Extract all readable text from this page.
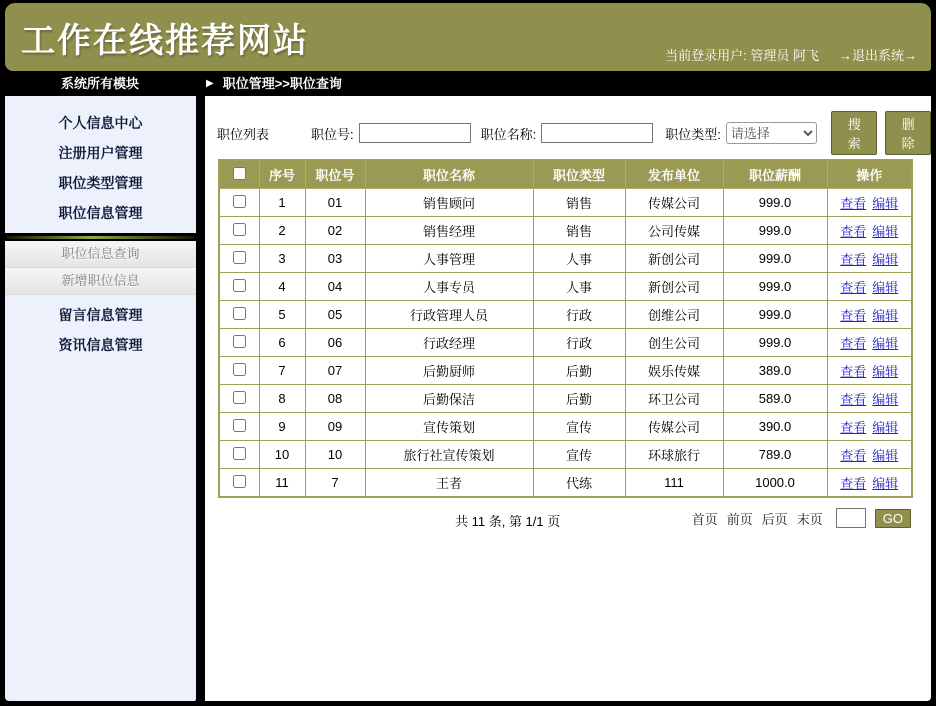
工作在线推荐网站	当前登录用户: 管理员 阿飞 →退出系统→
系统所有模块	▶ 职位管理>>职位查询
个人信息中心
注册用户管理
职位类型管理
职位信息管理
职位信息查询
新增职位信息
留言信息管理
资讯信息管理
职位列表	职位号:	职位名称:	职位类型:
请选择
搜索
删除
	序号	职位号	职位名称	职位类型	发布单位	职位薪酬	操作
	1	01	销售顾问	销售	传媒公司	999.0	查看 编辑
	2	02	销售经理	销售	公司传媒	999.0	查看 编辑
	3	03	人事管理	人事	新创公司	999.0	查看 编辑
	4	04	人事专员	人事	新创公司	999.0	查看 编辑
	5	05	行政管理人员	行政	创维公司	999.0	查看 编辑
	6	06	行政经理	行政	创生公司	999.0	查看 编辑
	7	07	后勤厨师	后勤	娱乐传媒	389.0	查看 编辑
	8	08	后勤保洁	后勤	环卫公司	589.0	查看 编辑
	9	09	宣传策划	宣传	传媒公司	390.0	查看 编辑
	10	10	旅行社宣传策划	宣传	环球旅行	789.0	查看 编辑
	11	7	王者	代练	111	1000.0	查看 编辑
共 11 条, 第 1/1 页	首页 前页 后页 末页	GO
